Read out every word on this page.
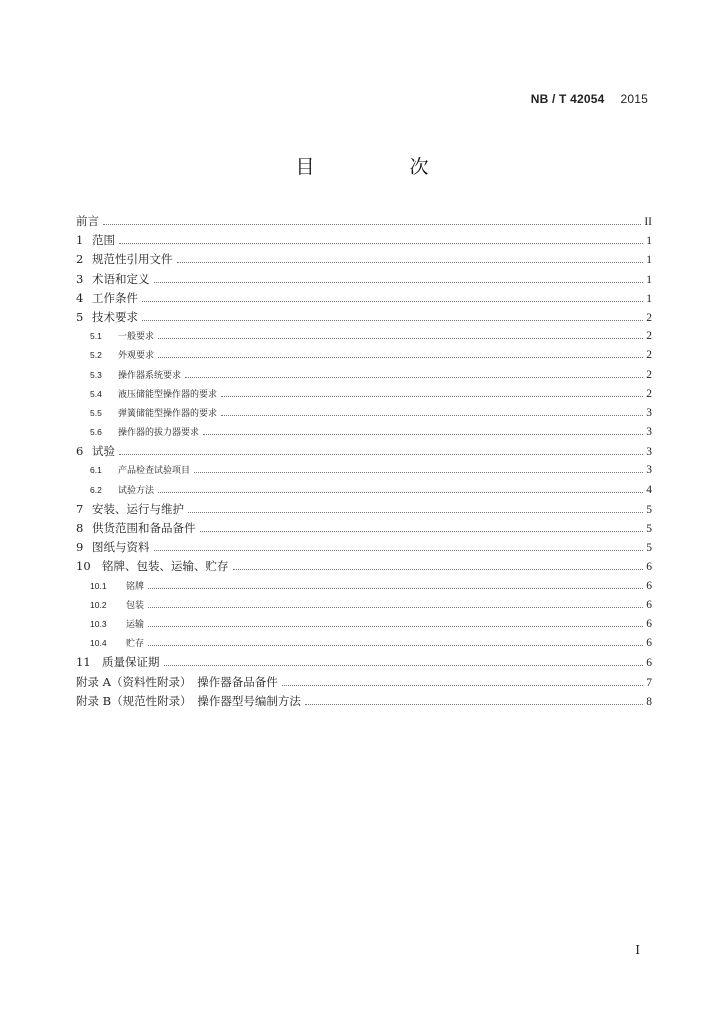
NB / T 42054 2015
目　次
前言	II
1 范围	1
2 规范性引用文件	1
3 术语和定义	1
4 工作条件	1
5 技术要求	2
5.1	一般要求	2
5.2	外观要求	2
5.3	操作器系统要求	2
5.4	液压储能型操作器的要求	2
5.5	弹簧储能型操作器的要求	3
5.6	操作器的拔力器要求	3
6 试验	3
6.1	产品检查试验项目	3
6.2	试验方法	4
7 安装、运行与维护	5
8 供货范围和备品备件	5
9 图纸与资料	5
10 铭牌、包装、运输、贮存	6
10.1	铭牌	6
10.2	包装	6
10.3	运输	6
10.4	贮存	6
11 质量保证期	6
附录 A（资料性附录）　操作器备品备件	7
附录 B（规范性附录）　操作器型号编制方法	8
I
